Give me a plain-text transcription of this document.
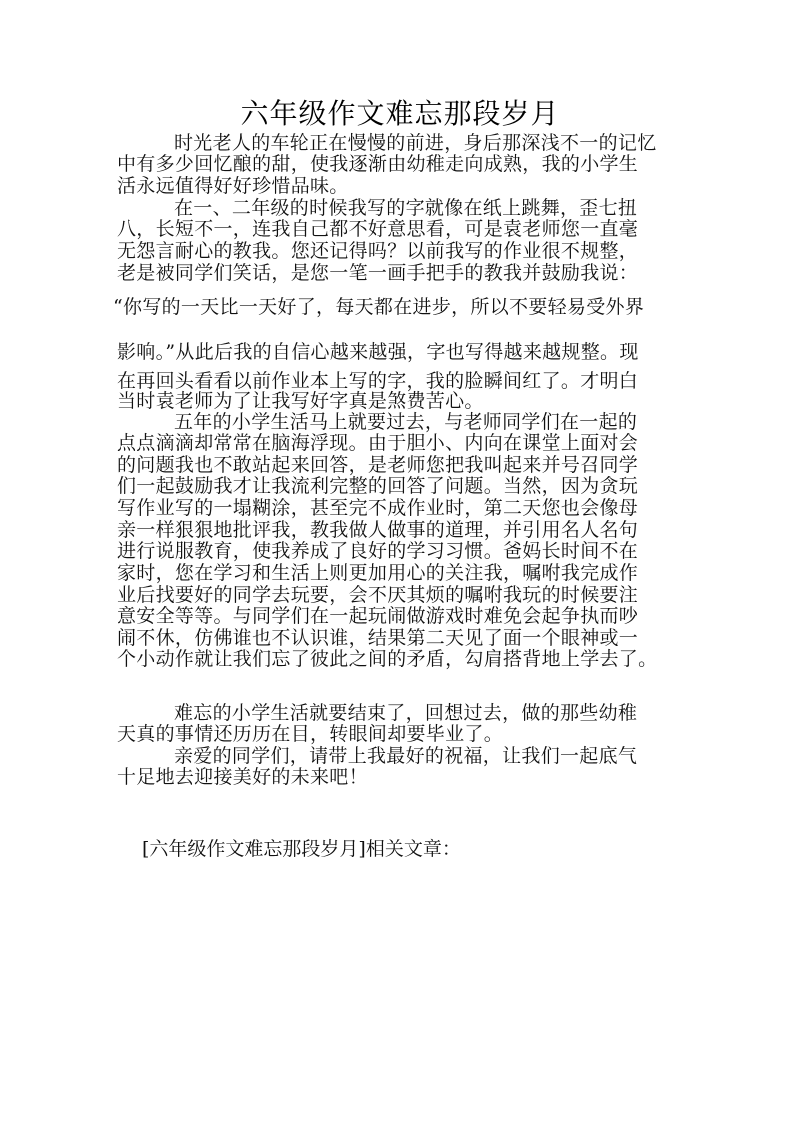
六年级作文难忘那段岁月
时光老人的车轮正在慢慢的前进，身后那深浅不一的记忆
中有多少回忆酿的甜，使我逐渐由幼稚走向成熟，我的小学生
活永远值得好好珍惜品味。
在一、二年级的时候我写的字就像在纸上跳舞，歪七扭
八，长短不一，连我自己都不好意思看，可是袁老师您一直毫
无怨言耐心的教我。您还记得吗？以前我写的作业很不规整，
老是被同学们笑话，是您一笔一画手把手的教我并鼓励我说：
“你写的一天比一天好了，每天都在进步，所以不要轻易受外界
影响。”从此后我的自信心越来越强，字也写得越来越规整。现
在再回头看看以前作业本上写的字，我的脸瞬间红了。才明白
当时袁老师为了让我写好字真是煞费苦心。
五年的小学生活马上就要过去，与老师同学们在一起的
点点滴滴却常常在脑海浮现。由于胆小、内向在课堂上面对会
的问题我也不敢站起来回答，是老师您把我叫起来并号召同学
们一起鼓励我才让我流利完整的回答了问题。当然，因为贪玩
写作业写的一塌糊涂，甚至完不成作业时，第二天您也会像母
亲一样狠狠地批评我，教我做人做事的道理，并引用名人名句
进行说服教育，使我养成了良好的学习习惯。爸妈长时间不在
家时，您在学习和生活上则更加用心的关注我，嘱咐我完成作
业后找要好的同学去玩要，会不厌其烦的嘱咐我玩的时候要注
意安全等等。与同学们在一起玩闹做游戏时难免会起争执而吵
闹不休，仿佛谁也不认识谁，结果第二天见了面一个眼神或一
个小动作就让我们忘了彼此之间的矛盾，勾肩搭背地上学去了。
难忘的小学生活就要结束了，回想过去，做的那些幼稚
天真的事情还历历在目，转眼间却要毕业了。
亲爱的同学们，请带上我最好的祝福，让我们一起底气
十足地去迎接美好的未来吧！
[六年级作文难忘那段岁月]相关文章：
